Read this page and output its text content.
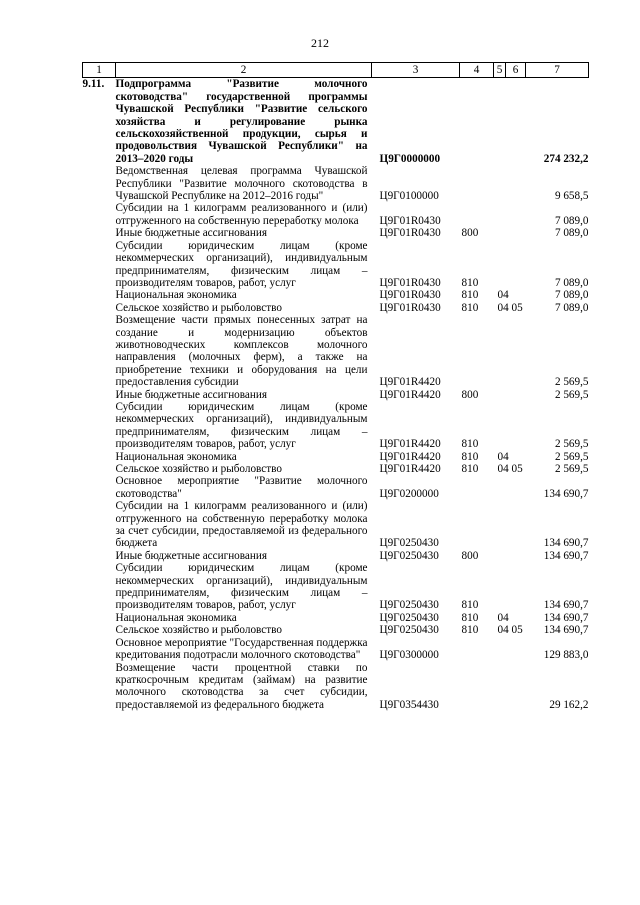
212
1	2	3	4	5	6	7
9.11.	Подпрограмма "Развитие молочного скотоводства" государственной программы Чувашской Республики "Развитие сельского хозяйства и регулирование рынка сельскохозяйственной продукции, сырья и продовольствия Чувашской Республики" на 2013–2020 годы	Ц9Г0000000				274 232,2
	Ведомственная целевая программа Чувашской Республики "Развитие молочного скотоводства в Чувашской Республике на 2012–2016 годы"	Ц9Г0100000				9 658,5
	Субсидии на 1 килограмм реализованного и (или) отгруженного на собственную переработку молока	Ц9Г01R0430				7 089,0
	Иные бюджетные ассигнования	Ц9Г01R0430	800			7 089,0
	Субсидии юридическим лицам (кроме некоммерческих организаций), индивидуальным предпринимателям, физическим лицам – производителям товаров, работ, услуг	Ц9Г01R0430	810			7 089,0
	Национальная экономика	Ц9Г01R0430	810	04		7 089,0
	Сельское хозяйство и рыболовство	Ц9Г01R0430	810	04 05		7 089,0
	Возмещение части прямых понесенных затрат на создание и модернизацию объектов животноводческих комплексов молочного направления (молочных ферм), а также на приобретение техники и оборудования на цели предоставления субсидии	Ц9Г01R4420				2 569,5
	Иные бюджетные ассигнования	Ц9Г01R4420	800			2 569,5
	Субсидии юридическим лицам (кроме некоммерческих организаций), индивидуальным предпринимателям, физическим лицам – производителям товаров, работ, услуг	Ц9Г01R4420	810			2 569,5
	Национальная экономика	Ц9Г01R4420	810	04		2 569,5
	Сельское хозяйство и рыболовство	Ц9Г01R4420	810	04 05		2 569,5
	Основное мероприятие "Развитие молочного скотоводства"	Ц9Г0200000				134 690,7
	Субсидии на 1 килограмм реализованного и (или) отгруженного на собственную переработку молока за счет субсидии, предоставляемой из федерального бюджета	Ц9Г0250430				134 690,7
	Иные бюджетные ассигнования	Ц9Г0250430	800			134 690,7
	Субсидии юридическим лицам (кроме некоммерческих организаций), индивидуальным предпринимателям, физическим лицам – производителям товаров, работ, услуг	Ц9Г0250430	810			134 690,7
	Национальная экономика	Ц9Г0250430	810	04		134 690,7
	Сельское хозяйство и рыболовство	Ц9Г0250430	810	04 05		134 690,7
	Основное мероприятие "Государственная поддержка кредитования подотрасли молочного скотоводства"	Ц9Г0300000				129 883,0
	Возмещение части процентной ставки по краткосрочным кредитам (займам) на развитие молочного скотоводства за счет субсидии, предоставляемой из федерального бюджета	Ц9Г0354430				29 162,2
